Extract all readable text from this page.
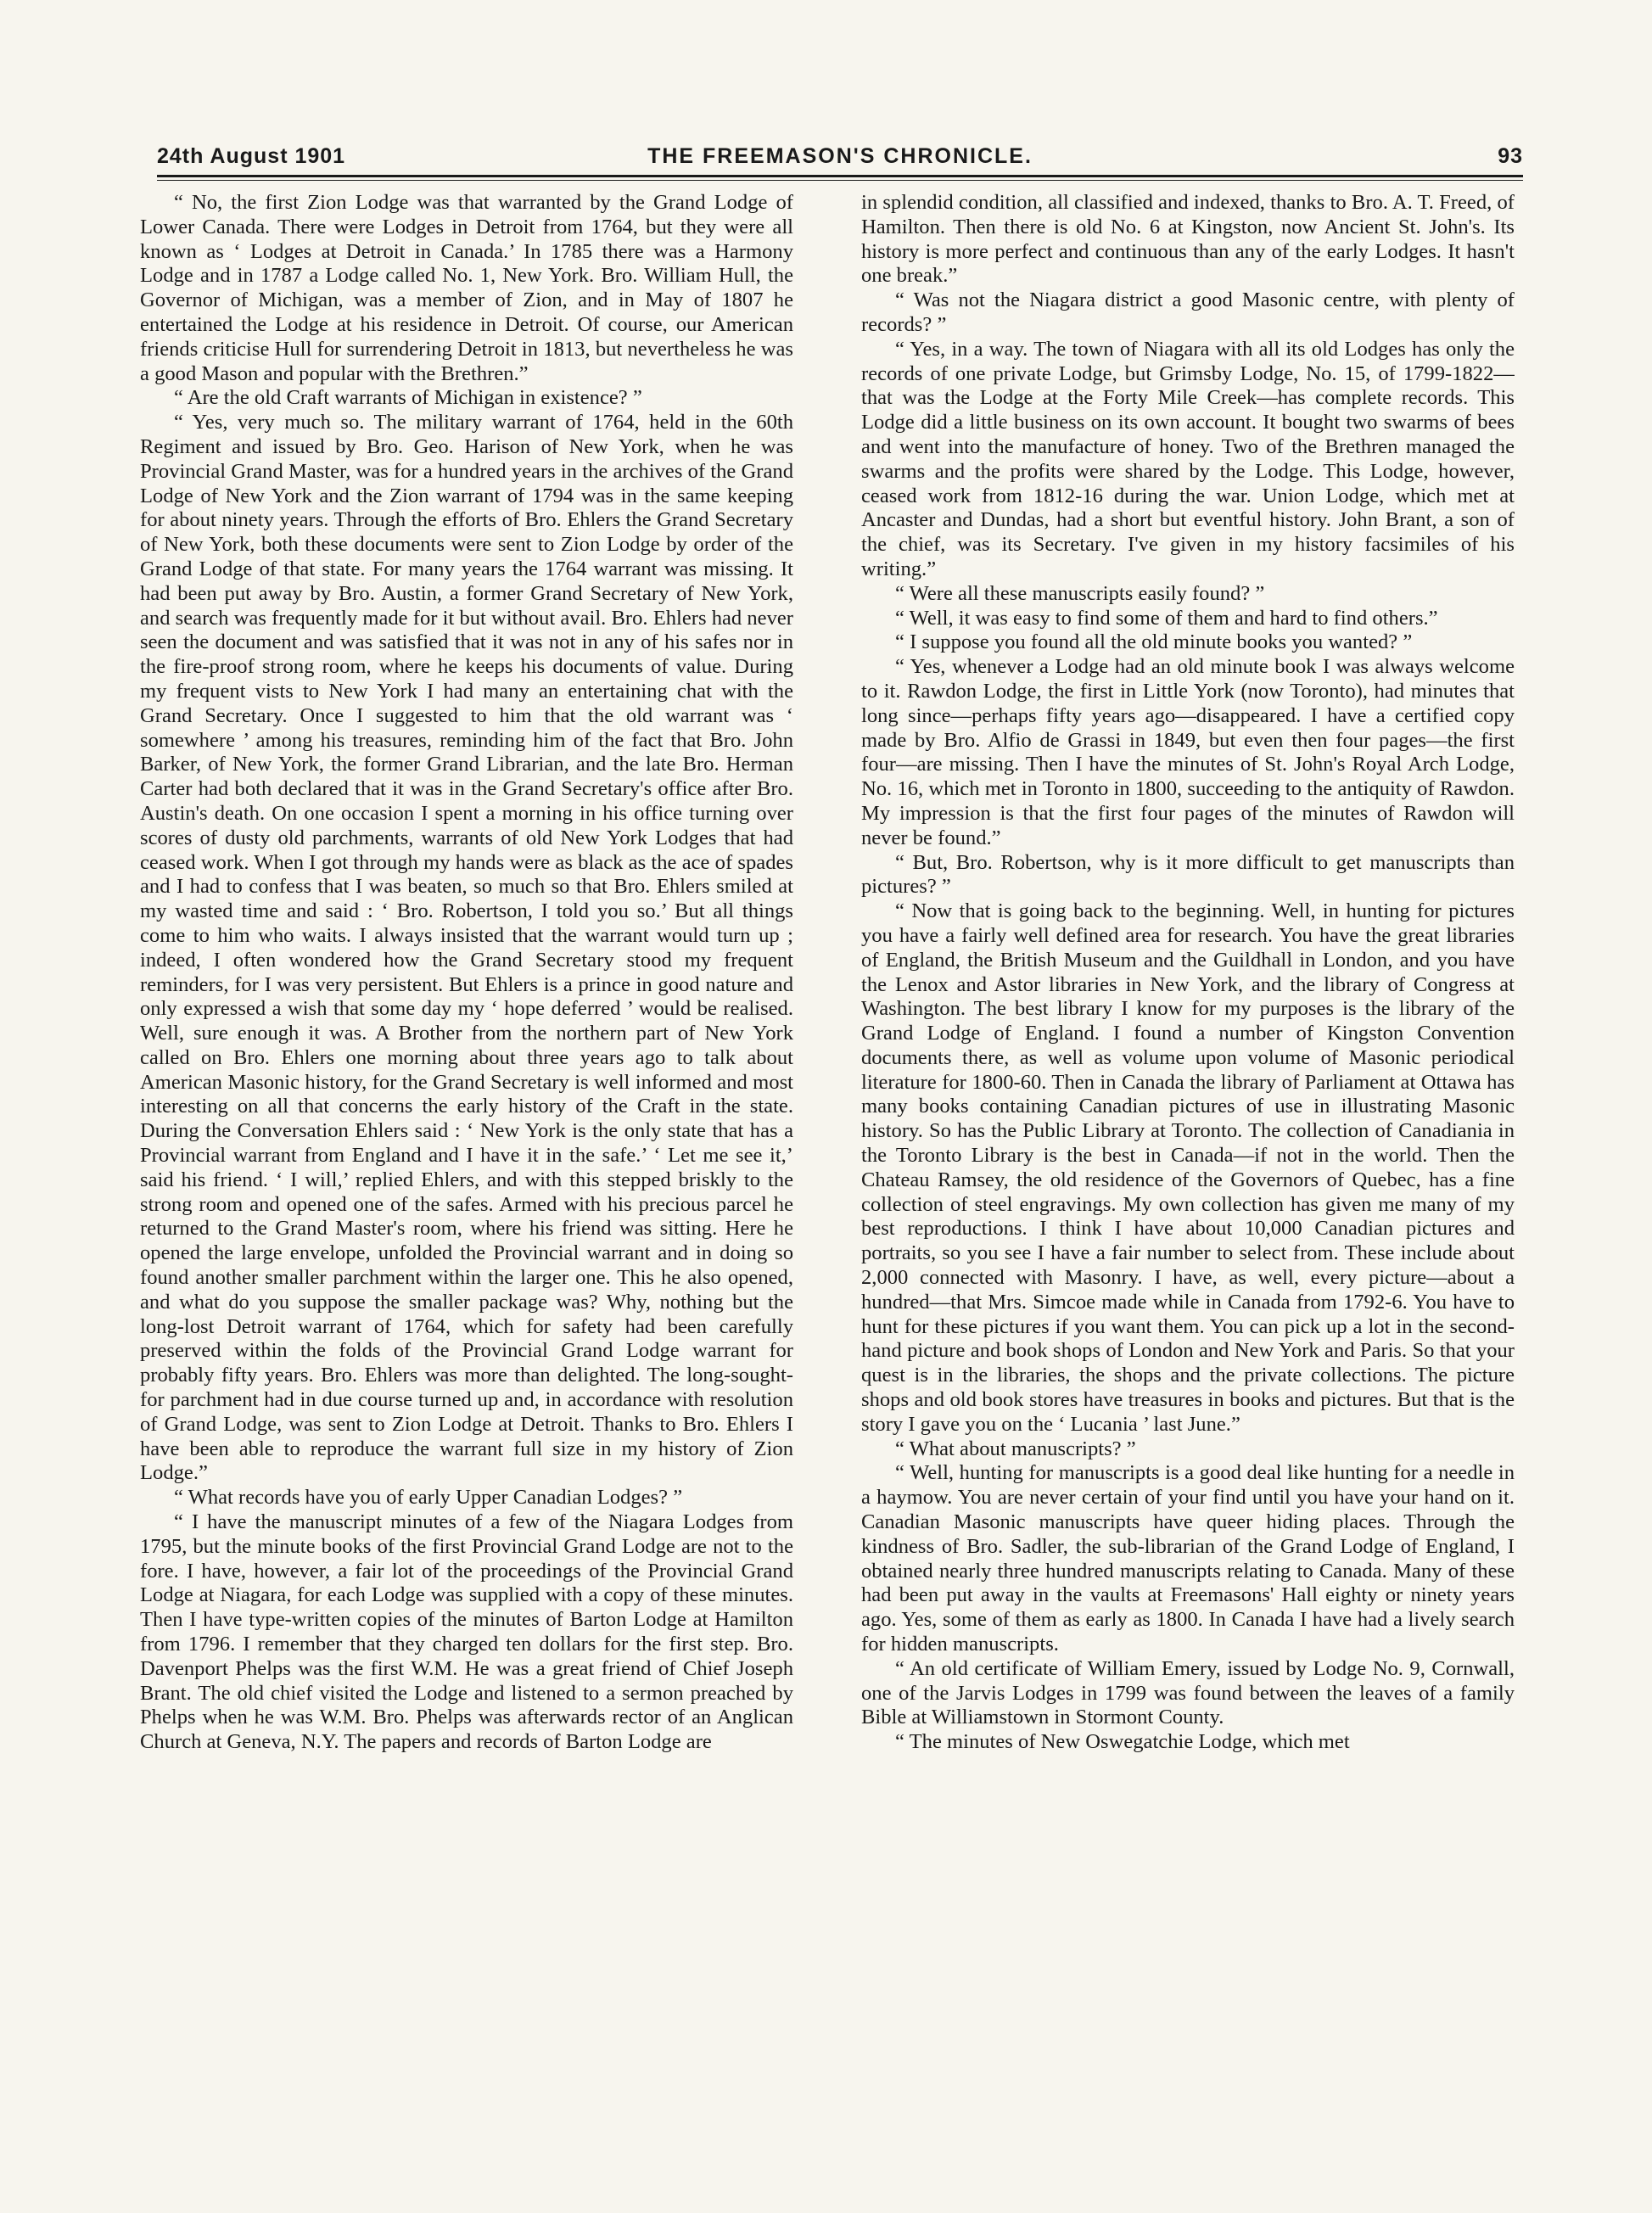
24th August 1901	THE FREEMASON'S CHRONICLE.	93

“ No, the first Zion Lodge was that warranted by the Grand Lodge of Lower Canada. There were Lodges in Detroit from 1764, but they were all known as ‘ Lodges at Detroit in Canada.’ In 1785 there was a Harmony Lodge and in 1787 a Lodge called No. 1, New York. Bro. William Hull, the Governor of Michigan, was a member of Zion, and in May of 1807 he entertained the Lodge at his residence in Detroit. Of course, our American friends criticise Hull for surrendering Detroit in 1813, but nevertheless he was a good Mason and popular with the Brethren.”

“ Are the old Craft warrants of Michigan in existence? ”

“ Yes, very much so. The military warrant of 1764, held in the 60th Regiment and issued by Bro. Geo. Harison of New York, when he was Provincial Grand Master, was for a hundred years in the archives of the Grand Lodge of New York and the Zion warrant of 1794 was in the same keeping for about ninety years. Through the efforts of Bro. Ehlers the Grand Secretary of New York, both these documents were sent to Zion Lodge by order of the Grand Lodge of that state. For many years the 1764 warrant was missing. It had been put away by Bro. Austin, a former Grand Secretary of New York, and search was frequently made for it but without avail. Bro. Ehlers had never seen the document and was satisfied that it was not in any of his safes nor in the fire-proof strong room, where he keeps his documents of value. During my frequent vists to New York I had many an entertaining chat with the Grand Secretary. Once I suggested to him that the old warrant was ‘ somewhere ’ among his treasures, reminding him of the fact that Bro. John Barker, of New York, the former Grand Librarian, and the late Bro. Herman Carter had both declared that it was in the Grand Secretary's office after Bro. Austin's death. On one occasion I spent a morning in his office turning over scores of dusty old parchments, warrants of old New York Lodges that had ceased work. When I got through my hands were as black as the ace of spades and I had to confess that I was beaten, so much so that Bro. Ehlers smiled at my wasted time and said : ‘ Bro. Robertson, I told you so.’ But all things come to him who waits. I always insisted that the warrant would turn up ; indeed, I often wondered how the Grand Secretary stood my frequent reminders, for I was very persistent. But Ehlers is a prince in good nature and only expressed a wish that some day my ‘ hope deferred ’ would be realised. Well, sure enough it was. A Brother from the northern part of New York called on Bro. Ehlers one morning about three years ago to talk about American Masonic history, for the Grand Secretary is well informed and most interesting on all that concerns the early history of the Craft in the state. During the Conversation Ehlers said : ‘ New York is the only state that has a Provincial warrant from England and I have it in the safe.’ ‘ Let me see it,’ said his friend. ‘ I will,’ replied Ehlers, and with this stepped briskly to the strong room and opened one of the safes. Armed with his precious parcel he returned to the Grand Master's room, where his friend was sitting. Here he opened the large envelope, unfolded the Provincial warrant and in doing so found another smaller parchment within the larger one. This he also opened, and what do you suppose the smaller package was? Why, nothing but the long-lost Detroit warrant of 1764, which for safety had been carefully preserved within the folds of the Provincial Grand Lodge warrant for probably fifty years. Bro. Ehlers was more than delighted. The long-sought-for parchment had in due course turned up and, in accordance with resolution of Grand Lodge, was sent to Zion Lodge at Detroit. Thanks to Bro. Ehlers I have been able to reproduce the warrant full size in my history of Zion Lodge.”

“ What records have you of early Upper Canadian Lodges? ”

“ I have the manuscript minutes of a few of the Niagara Lodges from 1795, but the minute books of the first Provincial Grand Lodge are not to the fore. I have, however, a fair lot of the proceedings of the Provincial Grand Lodge at Niagara, for each Lodge was supplied with a copy of these minutes. Then I have type-written copies of the minutes of Barton Lodge at Hamilton from 1796. I remember that they charged ten dollars for the first step. Bro. Davenport Phelps was the first W.M. He was a great friend of Chief Joseph Brant. The old chief visited the Lodge and listened to a sermon preached by Phelps when he was W.M. Bro. Phelps was afterwards rector of an Anglican Church at Geneva, N.Y. The papers and records of Barton Lodge are

in splendid condition, all classified and indexed, thanks to Bro. A. T. Freed, of Hamilton. Then there is old No. 6 at Kingston, now Ancient St. John's. Its history is more perfect and continuous than any of the early Lodges. It hasn't one break.”

“ Was not the Niagara district a good Masonic centre, with plenty of records? ”

“ Yes, in a way. The town of Niagara with all its old Lodges has only the records of one private Lodge, but Grimsby Lodge, No. 15, of 1799-1822—that was the Lodge at the Forty Mile Creek—has complete records. This Lodge did a little business on its own account. It bought two swarms of bees and went into the manufacture of honey. Two of the Brethren managed the swarms and the profits were shared by the Lodge. This Lodge, however, ceased work from 1812-16 during the war. Union Lodge, which met at Ancaster and Dundas, had a short but eventful history. John Brant, a son of the chief, was its Secretary. I've given in my history facsimiles of his writing.”

“ Were all these manuscripts easily found? ”

“ Well, it was easy to find some of them and hard to find others.”

“ I suppose you found all the old minute books you wanted? ”

“ Yes, whenever a Lodge had an old minute book I was always welcome to it. Rawdon Lodge, the first in Little York (now Toronto), had minutes that long since—perhaps fifty years ago—disappeared. I have a certified copy made by Bro. Alfio de Grassi in 1849, but even then four pages—the first four—are missing. Then I have the minutes of St. John's Royal Arch Lodge, No. 16, which met in Toronto in 1800, succeeding to the antiquity of Rawdon. My impression is that the first four pages of the minutes of Rawdon will never be found.”

“ But, Bro. Robertson, why is it more difficult to get manuscripts than pictures? ”

“ Now that is going back to the beginning. Well, in hunting for pictures you have a fairly well defined area for research. You have the great libraries of England, the British Museum and the Guildhall in London, and you have the Lenox and Astor libraries in New York, and the library of Congress at Washington. The best library I know for my purposes is the library of the Grand Lodge of England. I found a number of Kingston Convention documents there, as well as volume upon volume of Masonic periodical literature for 1800-60. Then in Canada the library of Parliament at Ottawa has many books containing Canadian pictures of use in illustrating Masonic history. So has the Public Library at Toronto. The collection of Canadiania in the Toronto Library is the best in Canada—if not in the world. Then the Chateau Ramsey, the old residence of the Governors of Quebec, has a fine collection of steel engravings. My own collection has given me many of my best reproductions. I think I have about 10,000 Canadian pictures and portraits, so you see I have a fair number to select from. These include about 2,000 connected with Masonry. I have, as well, every picture—about a hundred—that Mrs. Simcoe made while in Canada from 1792-6. You have to hunt for these pictures if you want them. You can pick up a lot in the second-hand picture and book shops of London and New York and Paris. So that your quest is in the libraries, the shops and the private collections. The picture shops and old book stores have treasures in books and pictures. But that is the story I gave you on the ‘ Lucania ’ last June.”

“ What about manuscripts? ”

“ Well, hunting for manuscripts is a good deal like hunting for a needle in a haymow. You are never certain of your find until you have your hand on it. Canadian Masonic manuscripts have queer hiding places. Through the kindness of Bro. Sadler, the sub-librarian of the Grand Lodge of England, I obtained nearly three hundred manuscripts relating to Canada. Many of these had been put away in the vaults at Freemasons' Hall eighty or ninety years ago. Yes, some of them as early as 1800. In Canada I have had a lively search for hidden manuscripts.

“ An old certificate of William Emery, issued by Lodge No. 9, Cornwall, one of the Jarvis Lodges in 1799 was found between the leaves of a family Bible at Williamstown in Stormont County.

“ The minutes of New Oswegatchie Lodge, which met
